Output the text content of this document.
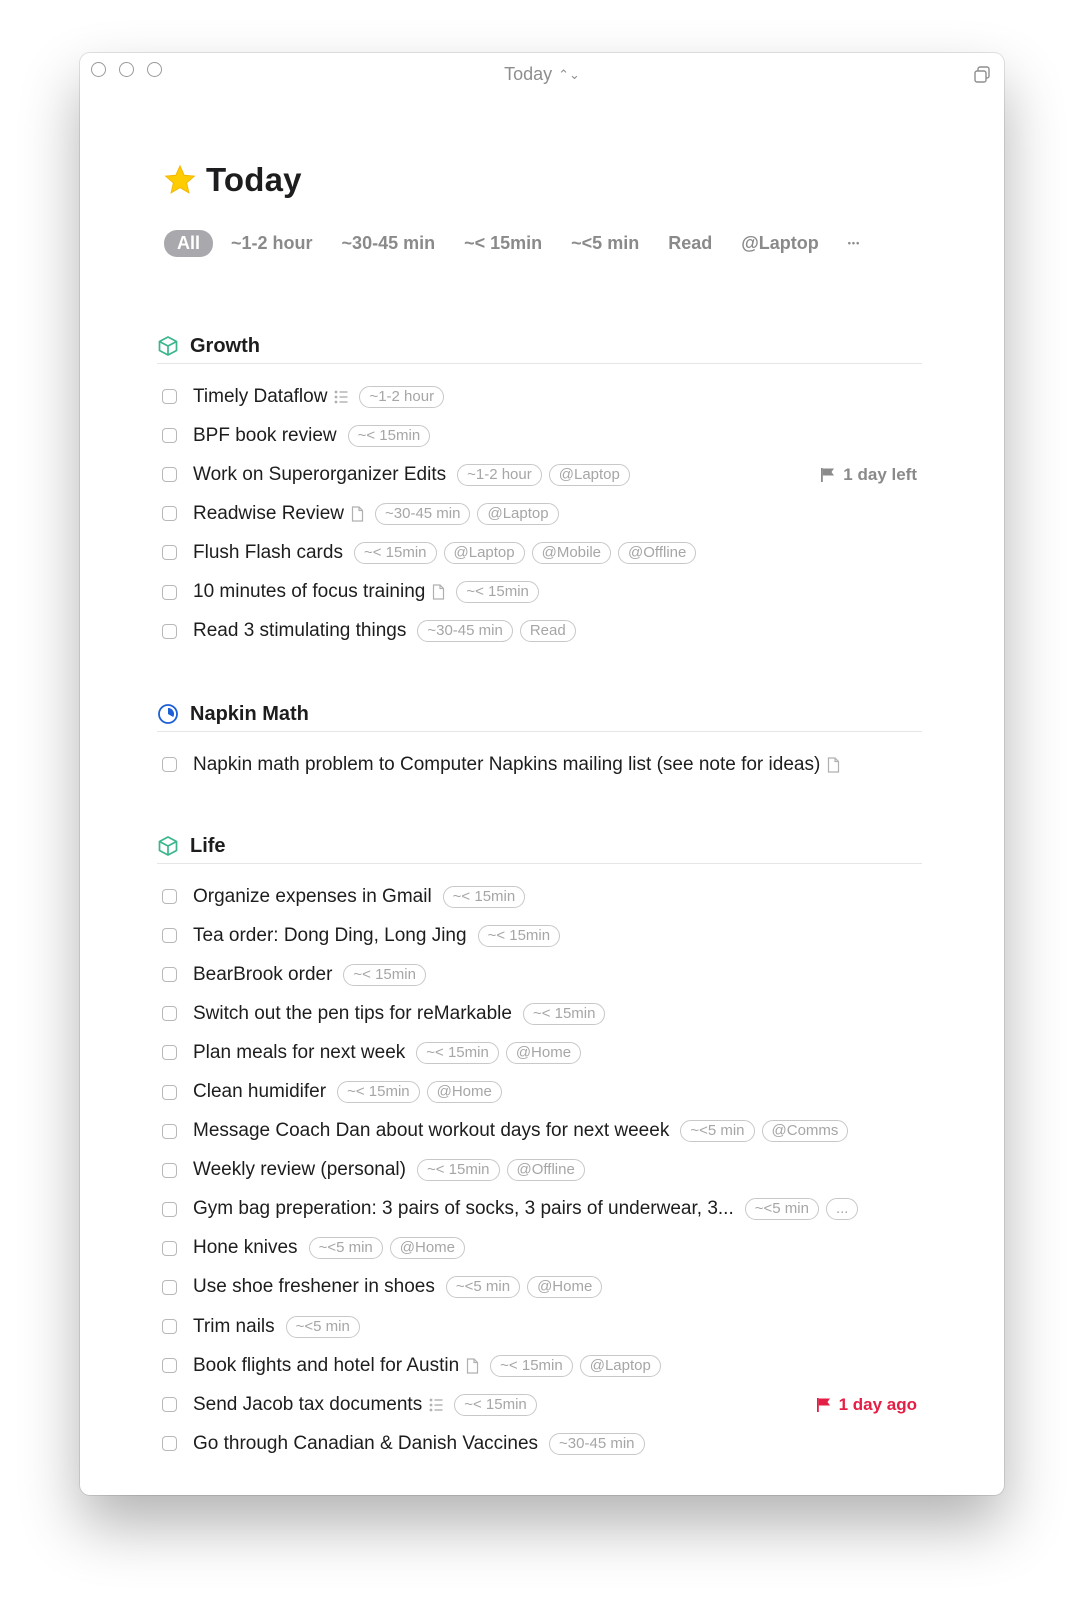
Today ⌃⌄
Today
All	~1-2 hour ~30-45 min ~< 15min ~<5 min Read @Laptop	•••
Growth
Timely Dataflow	~1-2 hour
BPF book review	~< 15min
Work on Superorganizer Edits	~1-2 hour	@Laptop	1 day left
Readwise Review	~30-45 min	@Laptop
Flush Flash cards	~< 15min	@Laptop	@Mobile	@Offline
10 minutes of focus training	~< 15min
Read 3 stimulating things	~30-45 min	Read
Napkin Math
Napkin math problem to Computer Napkins mailing list (see note for ideas)
Life
Organize expenses in Gmail	~< 15min
Tea order: Dong Ding, Long Jing	~< 15min
BearBrook order	~< 15min
Switch out the pen tips for reMarkable	~< 15min
Plan meals for next week	~< 15min	@Home
Clean humidifer	~< 15min	@Home
Message Coach Dan about workout days for next weeek	~<5 min	@Comms
Weekly review (personal)	~< 15min	@Offline
Gym bag preperation: 3 pairs of socks, 3 pairs of underwear, 3...	~<5 min	...
Hone knives	~<5 min	@Home
Use shoe freshener in shoes	~<5 min	@Home
Trim nails	~<5 min
Book flights and hotel for Austin	~< 15min	@Laptop
Send Jacob tax documents	~< 15min	1 day ago
Go through Canadian & Danish Vaccines	~30-45 min
